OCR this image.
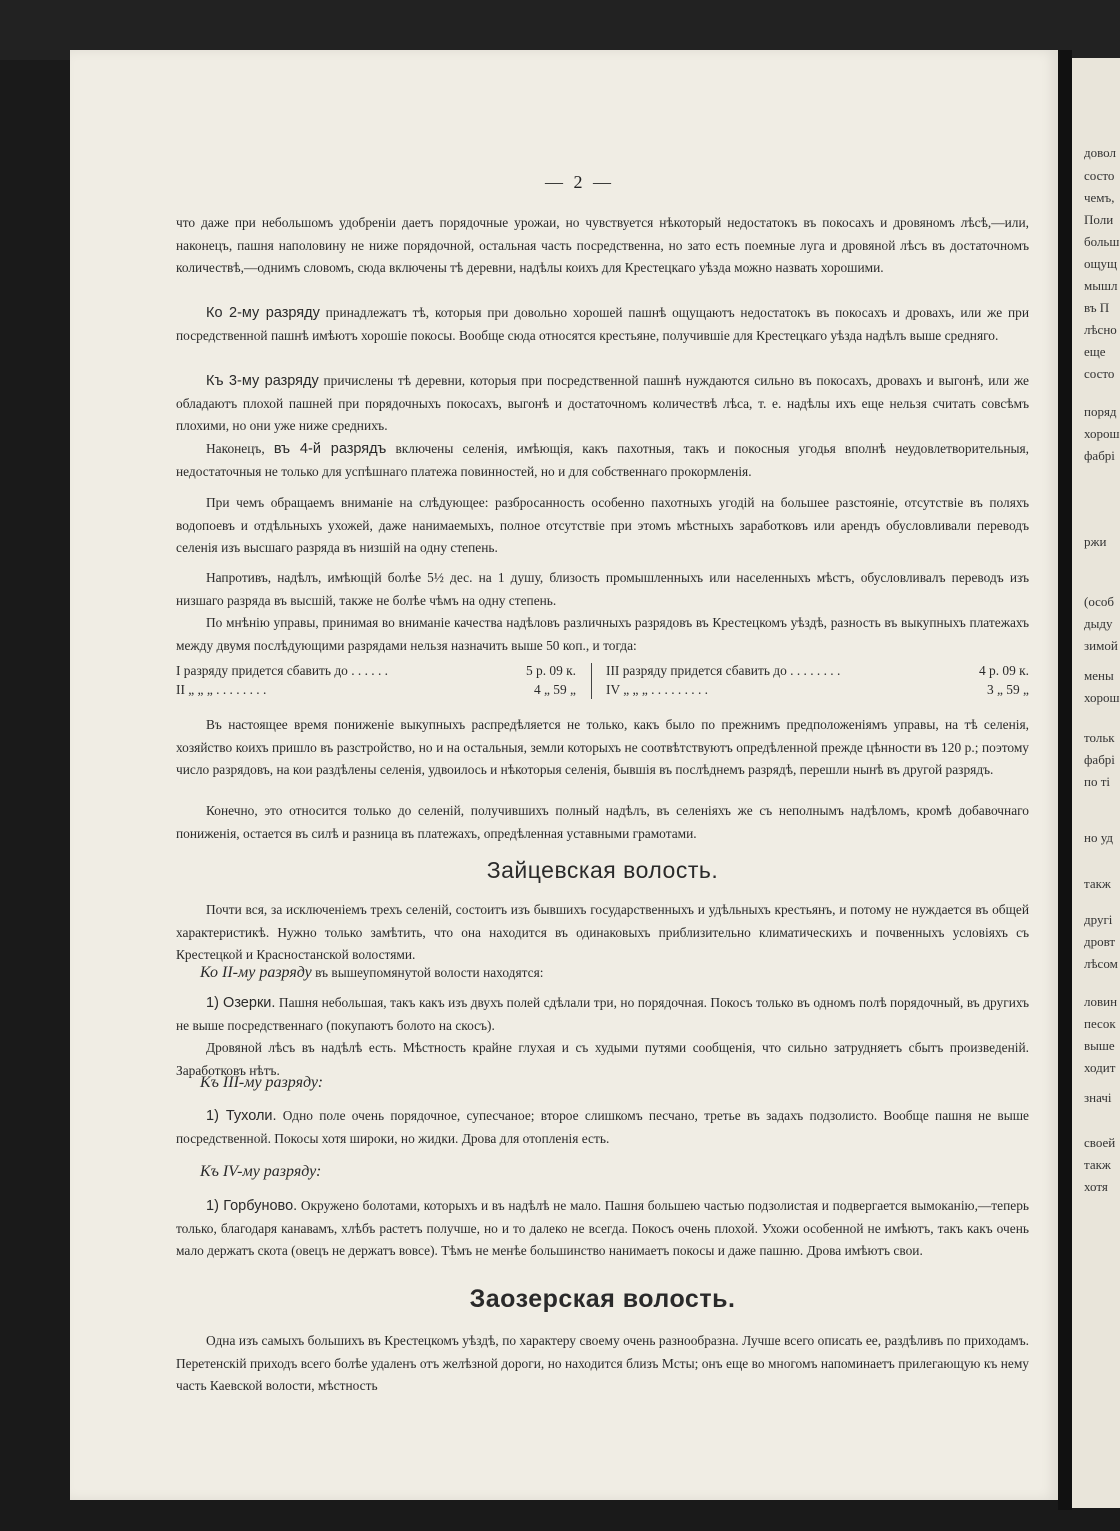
довол
состо
чемъ,
Поли
больш
ощущ
мышл
въ П
лѣсно
еще
состо
поряд
хорош
фабрі
ржи
(особ
дыду
зимой
мены
хорош
тольк
фабрі
по ті
но уд
такж
другі
дровт
лѣсом
ловин
песок
выше
ходит
значі
своей
такж
хотя
— 2 —

что даже при небольшомъ удобреніи даетъ порядочные урожаи, но чувствуется нѣкоторый недостатокъ въ покосахъ и дровяномъ лѣсѣ,—или, наконецъ, пашня наполовину не ниже порядочной, остальная часть посредственна, но зато есть поемные луга и дровяной лѣсъ въ достаточномъ количествѣ,—однимъ словомъ, сюда включены тѣ деревни, надѣлы коихъ для Крестецкаго уѣзда можно назвать хорошими.

Ко 2-му разряду принадлежатъ тѣ, которыя при довольно хорошей пашнѣ ощущаютъ недостатокъ въ покосахъ и дровахъ, или же при посредственной пашнѣ имѣютъ хорошіе покосы. Вообще сюда относятся крестьяне, получившіе для Крестецкаго уѣзда надѣлъ выше средняго.

Къ 3-му разряду причислены тѣ деревни, которыя при посредственной пашнѣ нуждаются сильно въ покосахъ, дровахъ и выгонѣ, или же обладаютъ плохой пашней при порядочныхъ покосахъ, выгонѣ и достаточномъ количествѣ лѣса, т. е. надѣлы ихъ еще нельзя считать совсѣмъ плохими, но они уже ниже среднихъ.

Наконецъ, въ 4-й разрядъ включены селенія, имѣющія, какъ пахотныя, такъ и покосныя угодья вполнѣ неудовлетворительныя, недостаточныя не только для успѣшнаго платежа повинностей, но и для собственнаго прокормленія.

При чемъ обращаемъ вниманіе на слѣдующее: разбросанность особенно пахотныхъ угодій на большее разстояніе, отсутствіе въ поляхъ водопоевъ и отдѣльныхъ ухожей, даже нанимаемыхъ, полное отсутствіе при этомъ мѣстныхъ заработковъ или арендъ обусловливали переводъ селенія изъ высшаго разряда въ низшій на одну степень.

Напротивъ, надѣлъ, имѣющій болѣе 5½ дес. на 1 душу, близость промышленныхъ или населенныхъ мѣстъ, обусловливалъ переводъ изъ низшаго разряда въ высшій, также не болѣе чѣмъ на одну степень.

По мнѣнію управы, принимая во вниманіе качества надѣловъ различныхъ разрядовъ въ Крестецкомъ уѣздѣ, разность въ выкупныхъ платежахъ между двумя послѣдующими разрядами нельзя назначить выше 50 коп., и тогда:

I разряду придется сбавить до . . . . . .	5 р. 09 к.
II „ „ „ . . . . . . . .	4 „ 59 „
III разряду придется сбавить до . . . . . . . .	4 р. 09 к.
IV „ „ „ . . . . . . . . .	3 „ 59 „

Въ настоящее время пониженіе выкупныхъ распредѣляется не только, какъ было по прежнимъ предположеніямъ управы, на тѣ селенія, хозяйство коихъ пришло въ разстройство, но и на остальныя, земли которыхъ не соотвѣтствуютъ опредѣленной прежде цѣнности въ 120 р.; поэтому число разрядовъ, на кои раздѣлены селенія, удвоилось и нѣкоторыя селенія, бывшія въ послѣднемъ разрядѣ, перешли нынѣ въ другой разрядъ.

Конечно, это относится только до селеній, получившихъ полный надѣлъ, въ селеніяхъ же съ неполнымъ надѣломъ, кромѣ добавочнаго пониженія, остается въ силѣ и разница въ платежахъ, опредѣленная уставными грамотами.

Зайцевская волость.

Почти вся, за исключеніемъ трехъ селеній, состоитъ изъ бывшихъ государственныхъ и удѣльныхъ крестьянъ, и потому не нуждается въ общей характеристикѣ. Нужно только замѣтить, что она находится въ одинаковыхъ приблизительно климатическихъ и почвенныхъ условіяхъ съ Крестецкой и Красностанской волостями.

Ко II-му разряду въ вышеупомянутой волости находятся:

1) Озерки. Пашня небольшая, такъ какъ изъ двухъ полей сдѣлали три, но порядочная. Покосъ только въ одномъ полѣ порядочный, въ другихъ не выше посредственнаго (покупаютъ болото на скосъ).

Дровяной лѣсъ въ надѣлѣ есть. Мѣстность крайне глухая и съ худыми путями сообщенія, что сильно затрудняетъ сбытъ произведеній. Заработковъ нѣтъ.

Къ III-му разряду:

1) Тухоли. Одно поле очень порядочное, супесчаное; второе слишкомъ песчано, третье въ задахъ подзолисто. Вообще пашня не выше посредственной. Покосы хотя широки, но жидки. Дрова для отопленія есть.

Къ IV-му разряду:

1) Горбуново. Окружено болотами, которыхъ и въ надѣлѣ не мало. Пашня большею частью подзолистая и подвергается вымоканію,—теперь только, благодаря канавамъ, хлѣбъ растетъ получше, но и то далеко не всегда. Покосъ очень плохой. Ухожи особенной не имѣютъ, такъ какъ очень мало держатъ скота (овецъ не держатъ вовсе). Тѣмъ не менѣе большинство нанимаетъ покосы и даже пашню. Дрова имѣютъ свои.

Заозерская волость.

Одна изъ самыхъ большихъ въ Крестецкомъ уѣздѣ, по характеру своему очень разнообразна. Лучше всего описать ее, раздѣливъ по приходамъ. Перетенскій приходъ всего болѣе удаленъ отъ желѣзной дороги, но находится близъ Мсты; онъ еще во многомъ напоминаетъ прилегающую къ нему часть Каевской волости, мѣстность
